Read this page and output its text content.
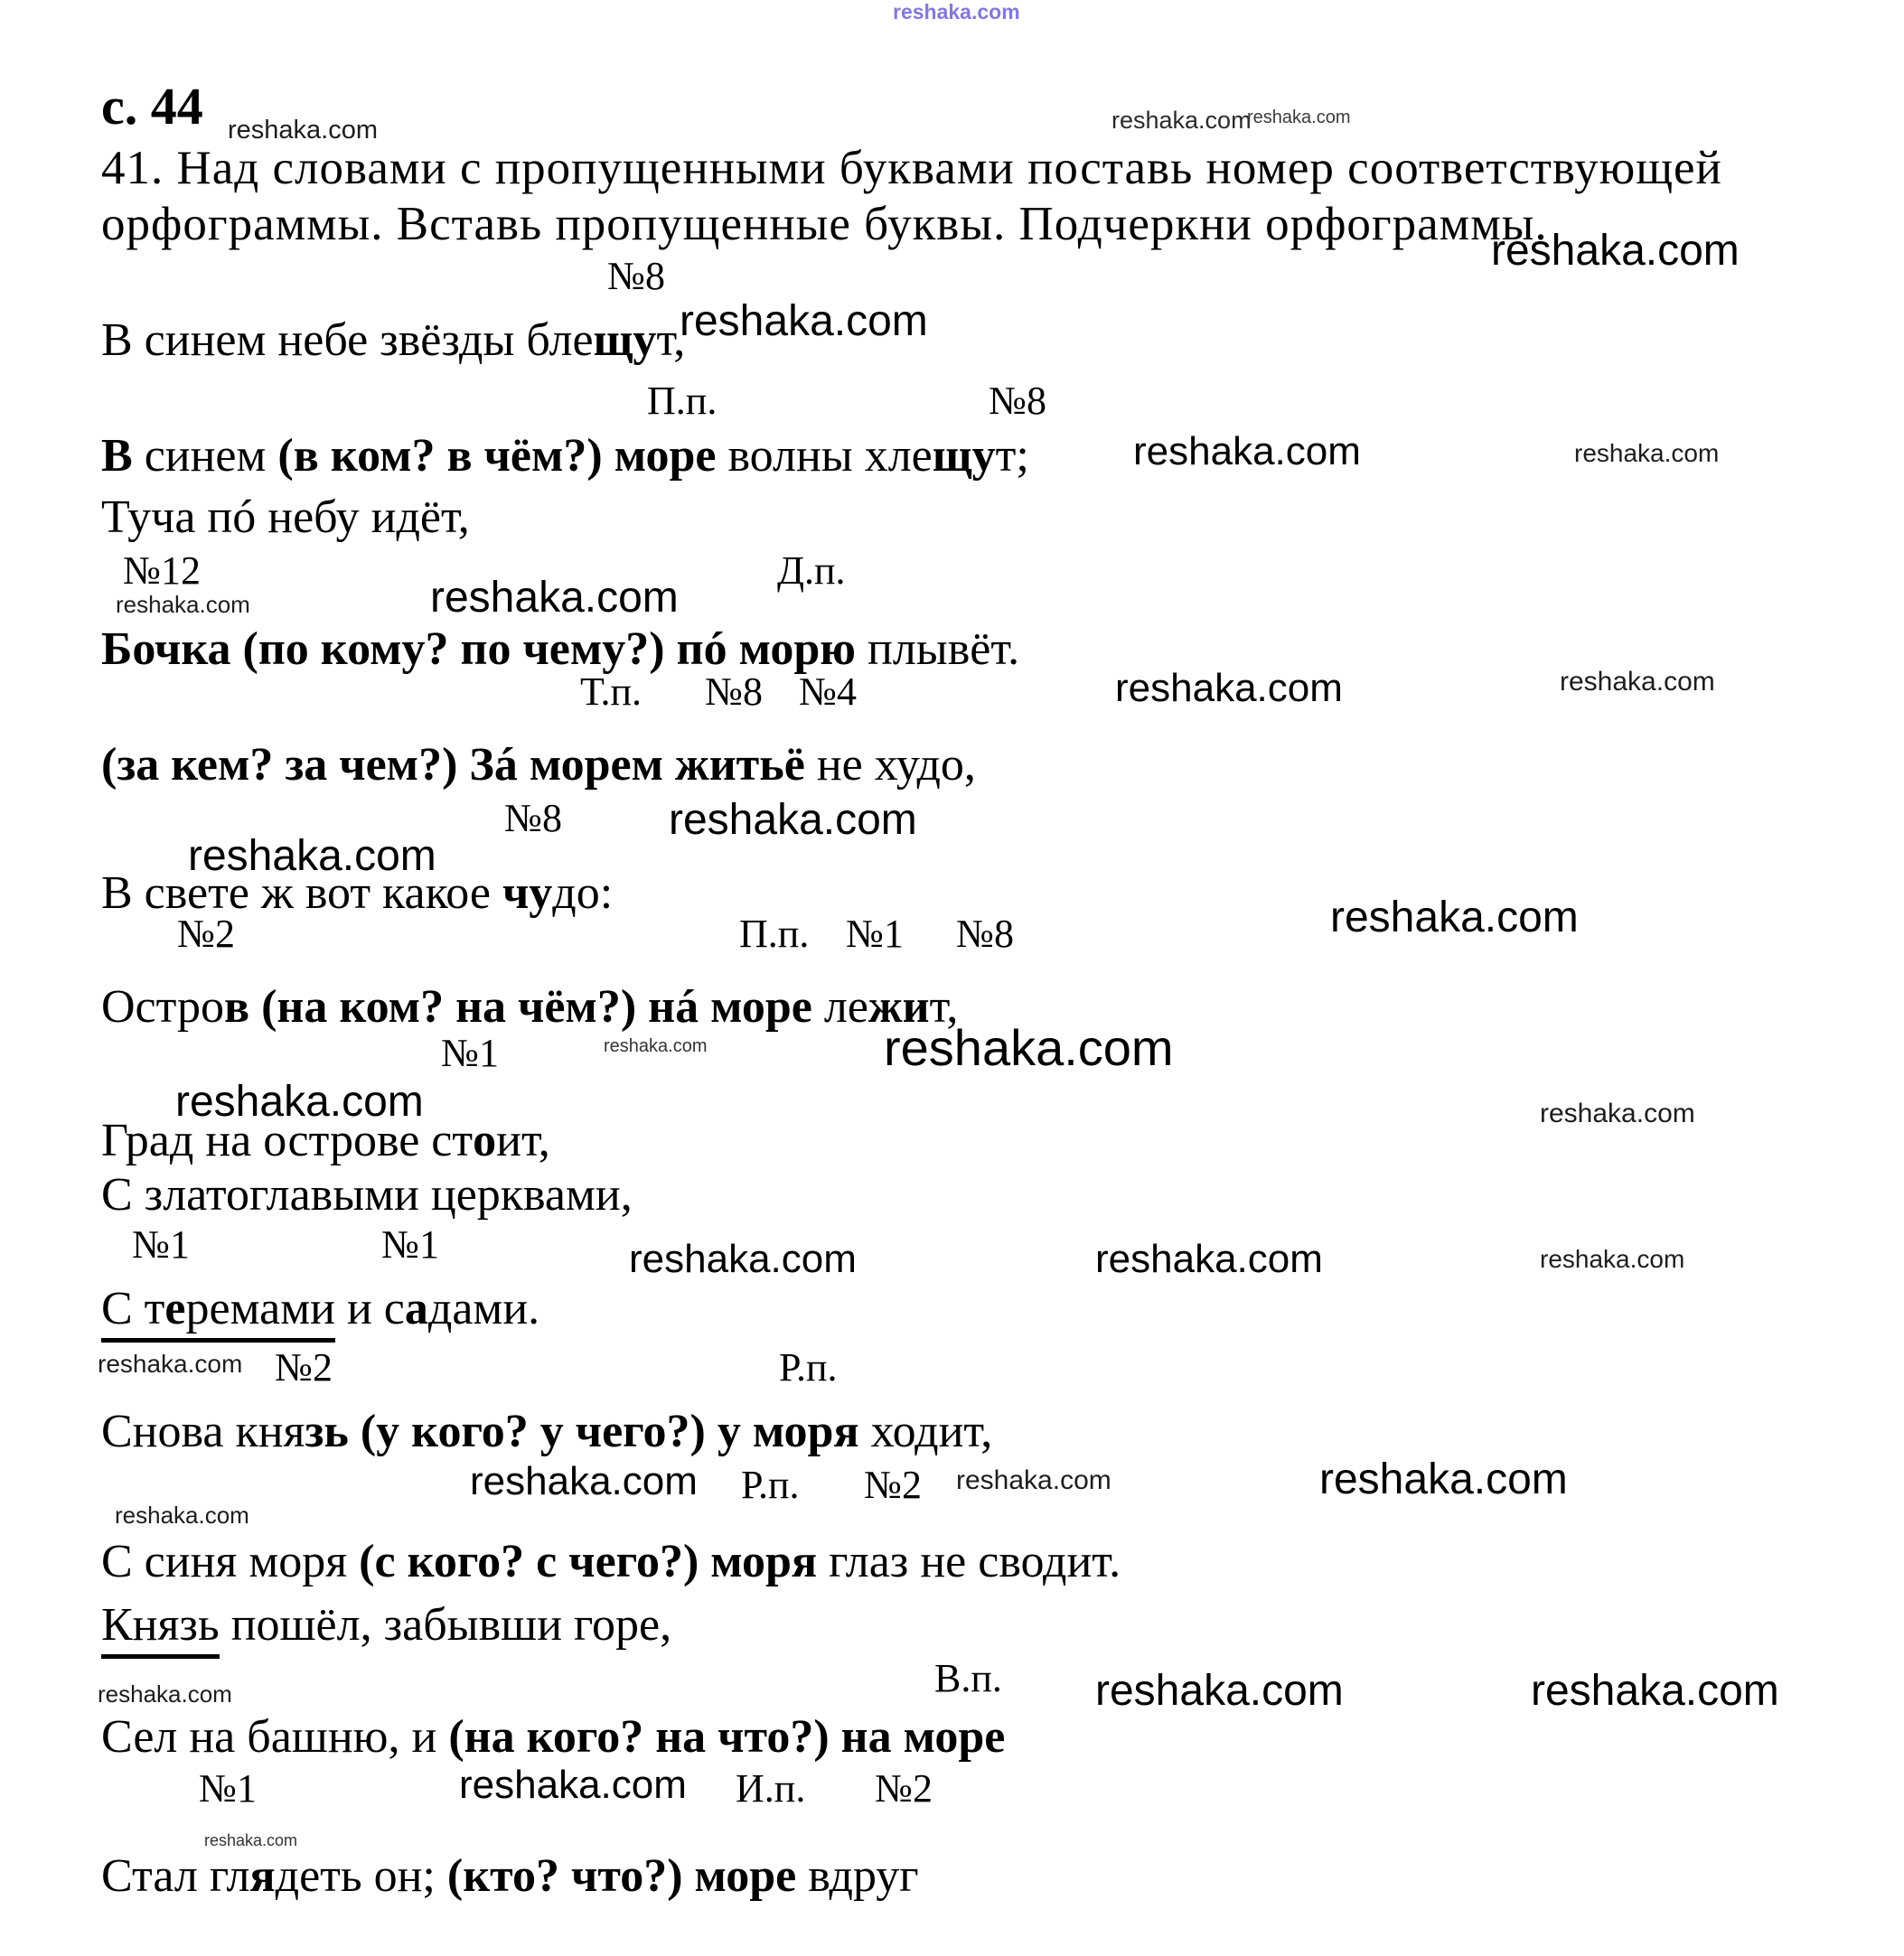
с. 44
41. Над словами с пропущенными буквами поставь номер соответствующей
орфограммы. Вставь пропущенные буквы. Подчеркни орфограммы.
reshaka.com
reshaka.com	reshaka.com
reshaka.com
reshaka.com
reshaka.com
reshaka.com	reshaka.com
reshaka.com
reshaka.com
reshaka.com	reshaka.com
reshaka.com
reshaka.com
reshaka.com
reshaka.com	reshaka.com
reshaka.com	reshaka.com
reshaka.com	reshaka.com	reshaka.com
reshaka.com
reshaka.com	reshaka.com	reshaka.com
reshaka.com
reshaka.com	reshaka.com	reshaka.com
reshaka.com
reshaka.com
№8
П.п.	№8
№12	Д.п.
Т.п. №8 №4
№8
№2	П.п. №1 №8
№1
№1	№1
№2	Р.п.
Р.п. №2
В.п.
№1	И.п. №2
В синем небе звёзды блещут,
В синем (в ком? в чём?) море волны хлещут;
Туча пó небу идёт,
Бочка (по кому? по чему?) пó морю плывёт.
(за кем? за чем?) Зá морем житьё не худо,
В свете ж вот какое чудо:
Остров (на ком? на чём?) нá море лежит,
Град на острове стоит,
С златоглавыми церквами,
С теремами и садами.
Снова князь (у кого? у чего?) у моря ходит,
С синя моря (с кого? с чего?) моря глаз не сводит.
Князь пошёл, забывши горе,
Сел на башню, и (на кого? на что?) на море
Стал глядеть он; (кто? что?) море вдруг
